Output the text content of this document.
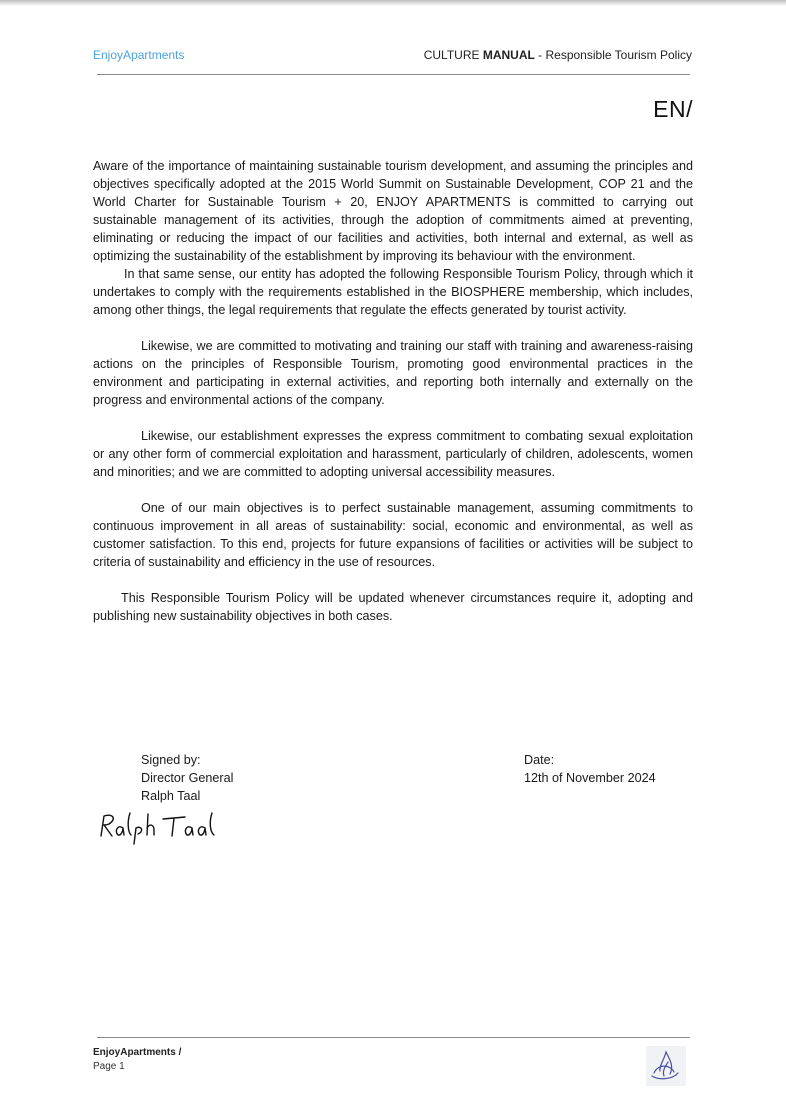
EnjoyApartments	CULTURE MANUAL - Responsible Tourism Policy
EN/

Aware of the importance of maintaining sustainable tourism development, and assuming the principles and objectives specifically adopted at the 2015 World Summit on Sustainable Development, COP 21 and the World Charter for Sustainable Tourism + 20, ENJOY APARTMENTS is committed to carrying out sustainable management of its activities, through the adoption of commitments aimed at preventing, eliminating or reducing the impact of our facilities and activities, both internal and external, as well as optimizing the sustainability of the establishment by improving its behaviour with the environment.

In that same sense, our entity has adopted the following Responsible Tourism Policy, through which it undertakes to comply with the requirements established in the BIOSPHERE membership, which includes, among other things, the legal requirements that regulate the effects generated by tourist activity.

Likewise, we are committed to motivating and training our staff with training and awareness-raising actions on the principles of Responsible Tourism, promoting good environmental practices in the environment and participating in external activities, and reporting both internally and externally on the progress and environmental actions of the company.

Likewise, our establishment expresses the express commitment to combating sexual exploitation or any other form of commercial exploitation and harassment, particularly of children, adolescents, women and minorities; and we are committed to adopting universal accessibility measures.

One of our main objectives is to perfect sustainable management, assuming commitments to continuous improvement in all areas of sustainability: social, economic and environmental, as well as customer satisfaction. To this end, projects for future expansions of facilities or activities will be subject to criteria of sustainability and efficiency in the use of resources.

This Responsible Tourism Policy will be updated whenever circumstances require it, adopting and publishing new sustainability objectives in both cases.

Signed by:
Director General
Ralph Taal
Date:
12th of November 2024
EnjoyApartments /
Page 1
